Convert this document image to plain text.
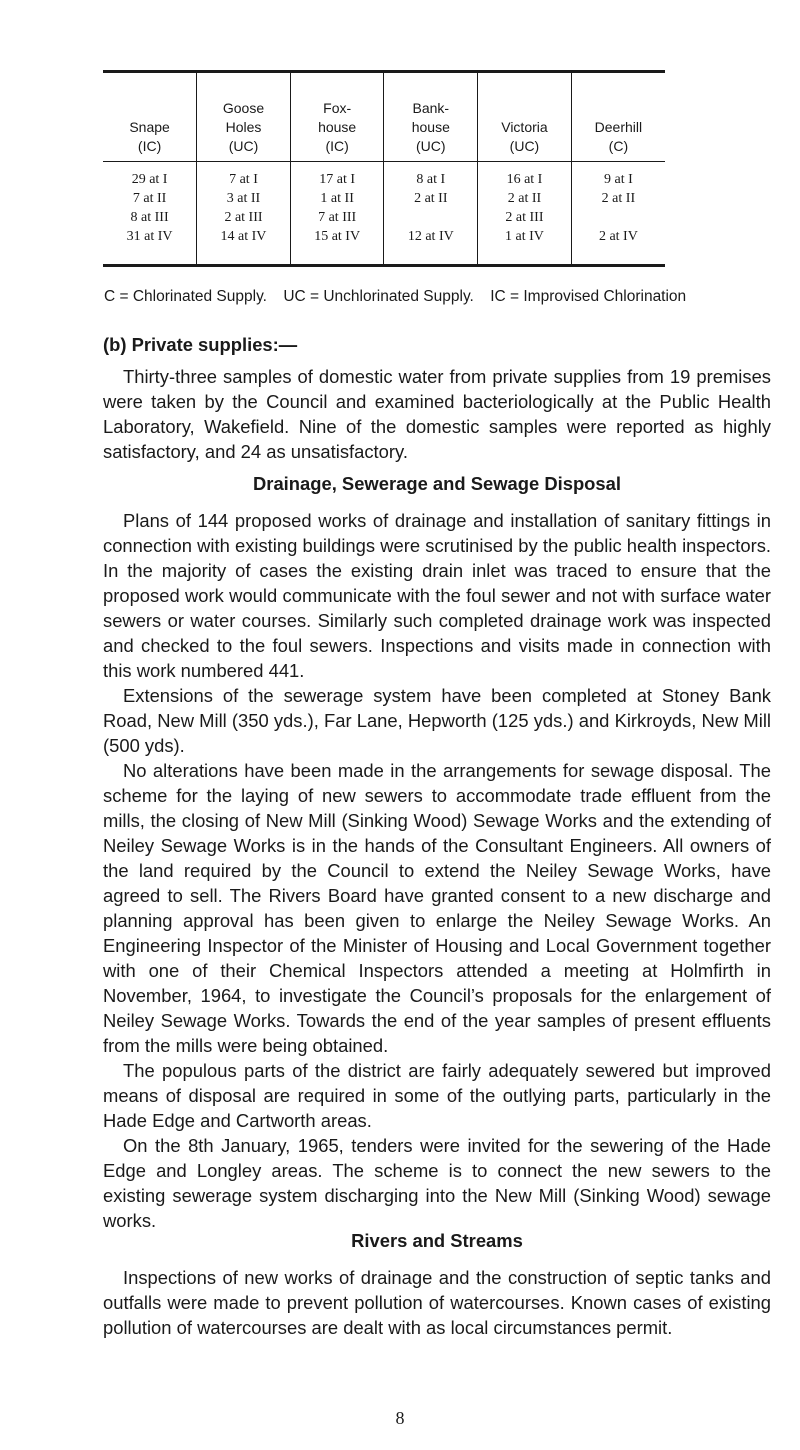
Snape
(IC)	Goose
Holes
(UC)	Fox-
house
(IC)	Bank-
house
(UC)	Victoria
(UC)	Deerhill
(C)

29 at I
7 at II
8 at III
31 at IV	7 at I
3 at II
2 at III
14 at IV	17 at I
1 at II
7 at III
15 at IV	8 at I
2 at II
12 at IV	16 at I
2 at II
2 at III
1 at IV	9 at I
2 at II
2 at IV
C = Chlorinated Supply. UC = Unchlorinated Supply. IC = Improvised Chlorination
(b) Private supplies:—

Thirty-three samples of domestic water from private supplies from 19 premises were taken by the Council and examined bacteriologically at the Public Health Laboratory, Wakefield. Nine of the domestic samples were reported as highly satisfactory, and 24 as unsatisfactory.

Drainage, Sewerage and Sewage Disposal

Plans of 144 proposed works of drainage and installation of sanitary fittings in connection with existing buildings were scrutinised by the public health inspectors. In the majority of cases the existing drain inlet was traced to ensure that the proposed work would communicate with the foul sewer and not with surface water sewers or water courses. Similarly such completed drainage work was inspected and checked to the foul sewers. Inspections and visits made in connection with this work numbered 441.

Extensions of the sewerage system have been completed at Stoney Bank Road, New Mill (350 yds.), Far Lane, Hepworth (125 yds.) and Kirkroyds, New Mill (500 yds).

No alterations have been made in the arrangements for sewage disposal. The scheme for the laying of new sewers to accommodate trade effluent from the mills, the closing of New Mill (Sinking Wood) Sewage Works and the extending of Neiley Sewage Works is in the hands of the Consultant Engineers. All owners of the land required by the Council to extend the Neiley Sewage Works, have agreed to sell. The Rivers Board have granted consent to a new discharge and planning approval has been given to enlarge the Neiley Sewage Works. An Engineering Inspector of the Minister of Housing and Local Government together with one of their Chemical Inspectors attended a meeting at Holmfirth in November, 1964, to investigate the Council’s proposals for the enlargement of Neiley Sewage Works. Towards the end of the year samples of present effluents from the mills were being obtained.

The populous parts of the district are fairly adequately sewered but improved means of disposal are required in some of the outlying parts, particularly in the Hade Edge and Cartworth areas.

On the 8th January, 1965, tenders were invited for the sewering of the Hade Edge and Longley areas. The scheme is to connect the new sewers to the existing sewerage system discharging into the New Mill (Sinking Wood) sewage works.

Rivers and Streams

Inspections of new works of drainage and the construction of septic tanks and outfalls were made to prevent pollution of watercourses. Known cases of existing pollution of watercourses are dealt with as local circumstances permit.

8
